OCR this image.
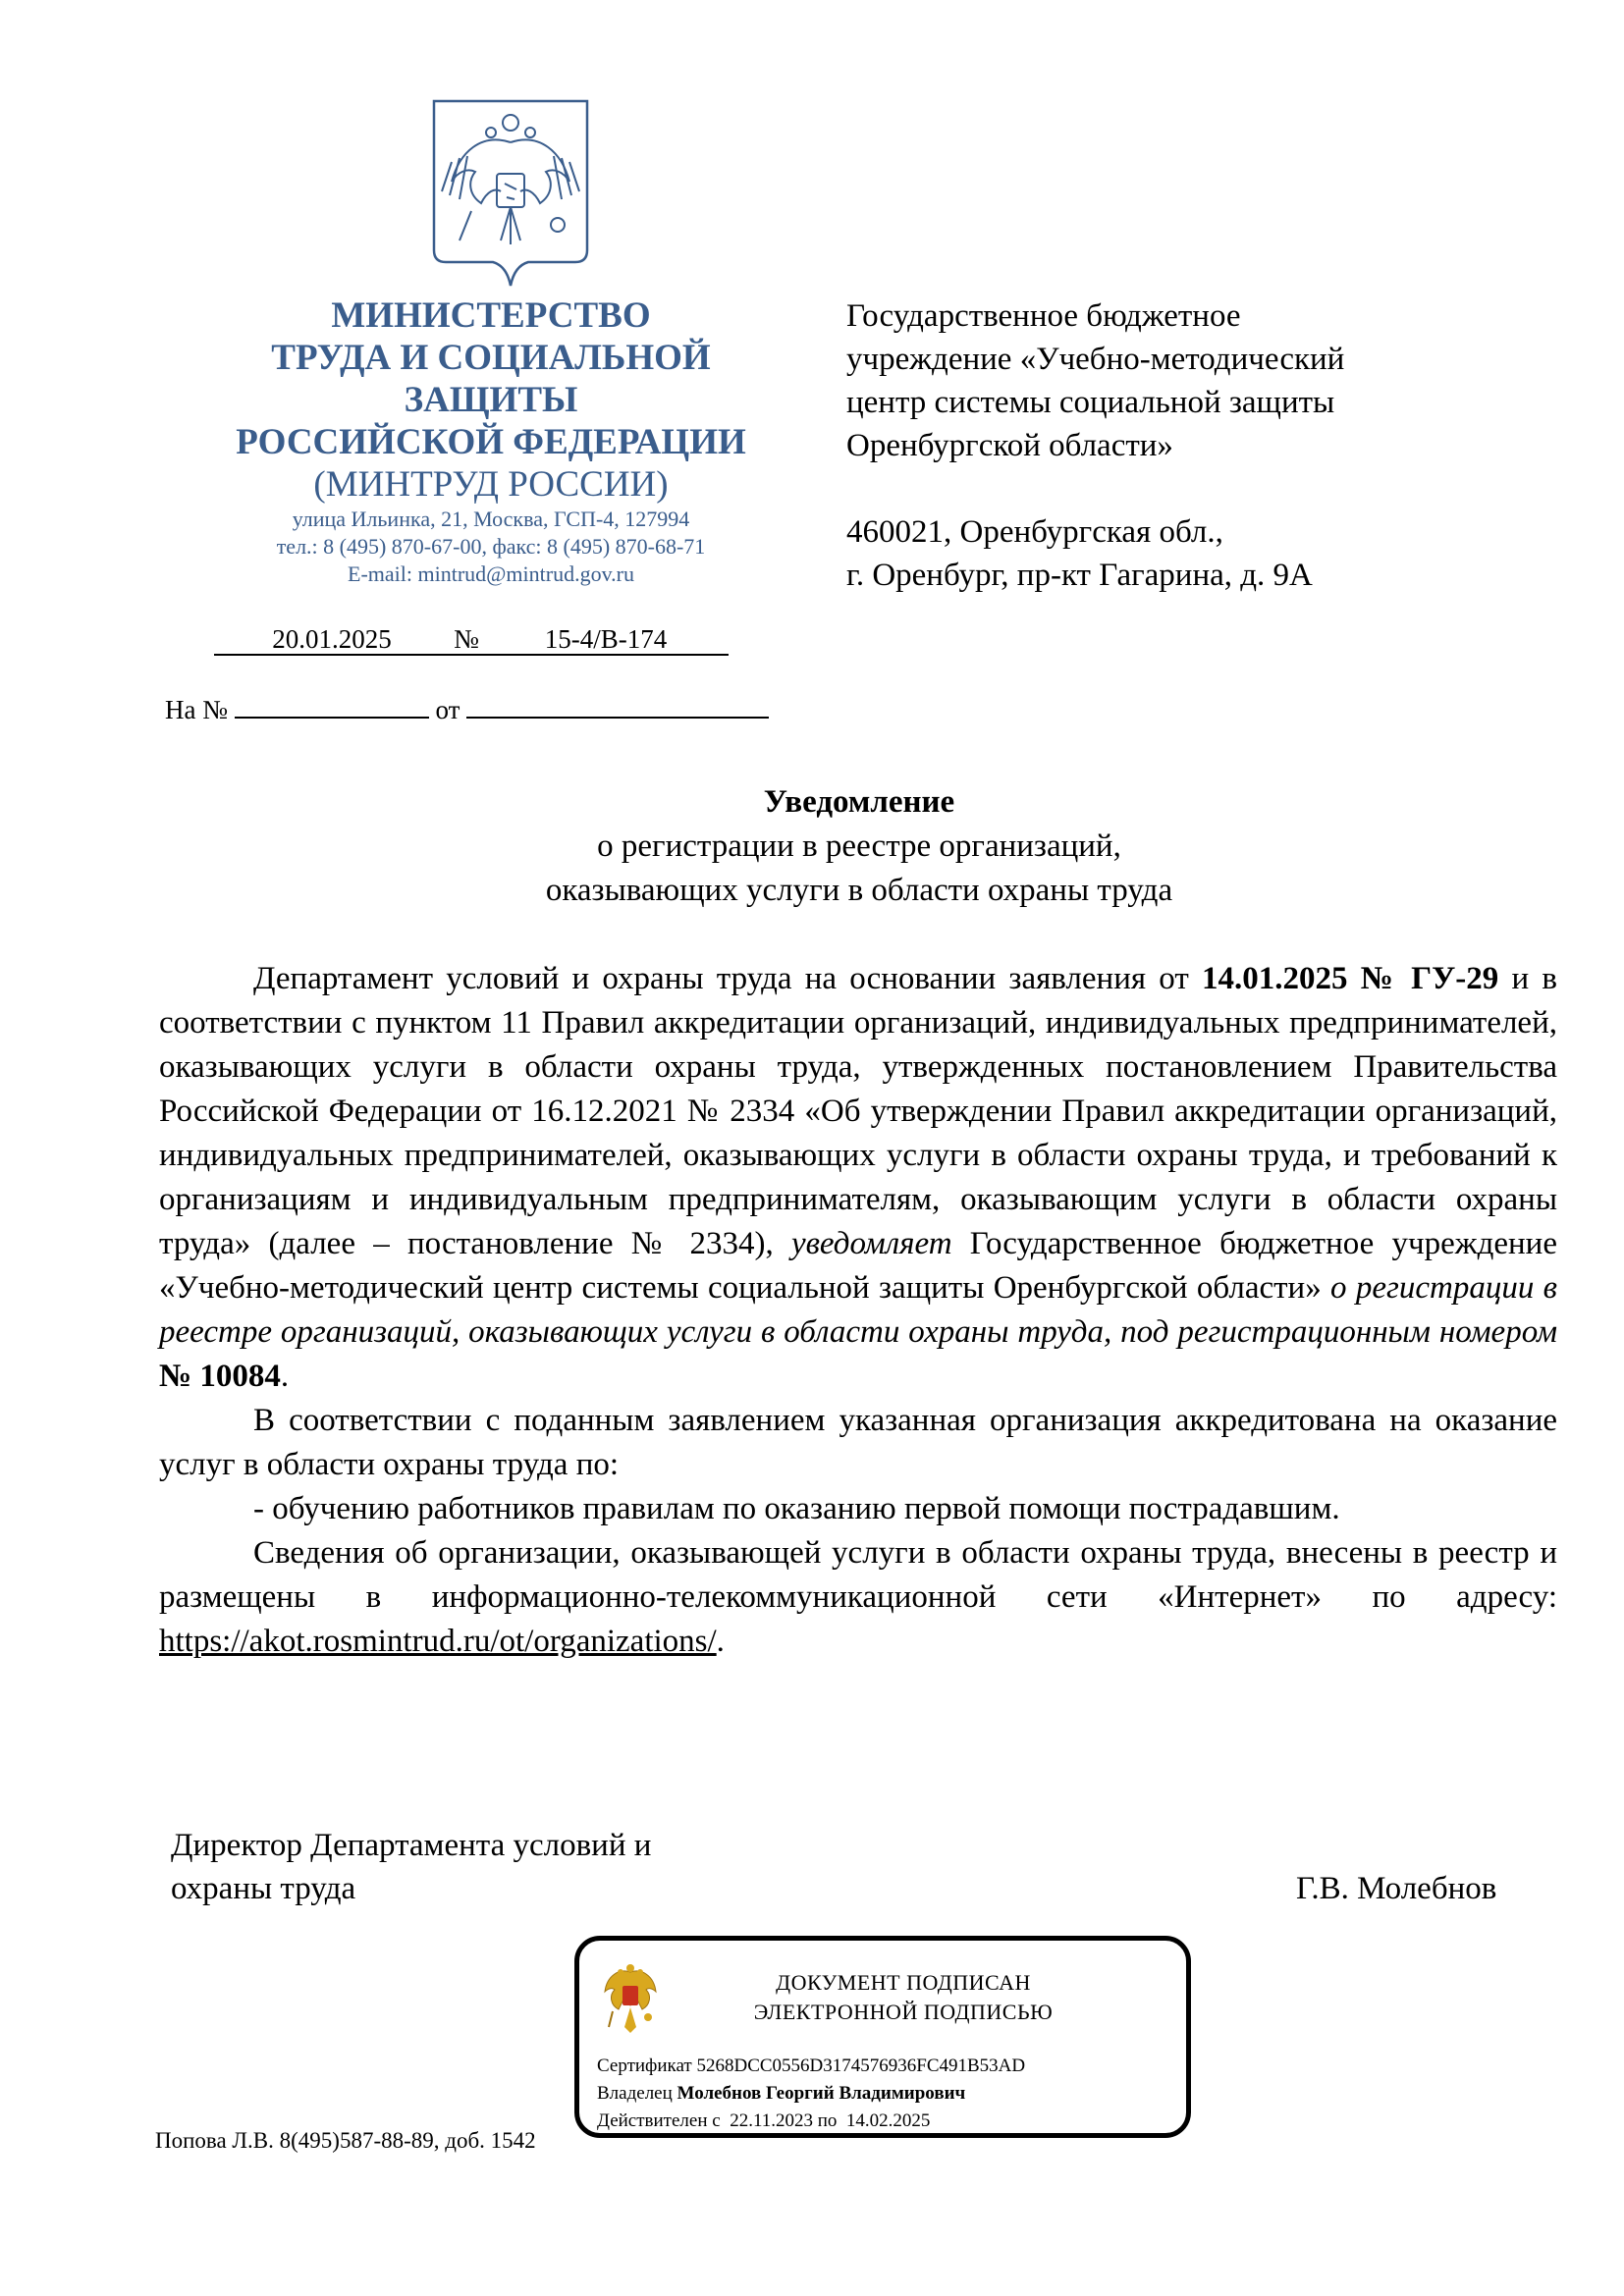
МИНИСТЕРСТВО
ТРУДА И СОЦИАЛЬНОЙ
ЗАЩИТЫ
РОССИЙСКОЙ ФЕДЕРАЦИИ
(МИНТРУД РОССИИ)
улица Ильинка, 21, Москва, ГСП-4, 127994
тел.: 8 (495) 870-67-00, факс: 8 (495) 870-68-71
E-mail: mintrud@mintrud.gov.ru
20.01.2025 № 15-4/В-174
На №	от
Государственное бюджетное
учреждение «Учебно-методический
центр системы социальной защиты
Оренбургской области»
460021, Оренбургская обл.,
г. Оренбург, пр-кт Гагарина, д. 9А
Уведомление
о регистрации в реестре организаций,
оказывающих услуги в области охраны труда

Департамент условий и охраны труда на основании заявления от 14.01.2025 № ГУ-29 и в соответствии с пунктом 11 Правил аккредитации организаций, индивидуальных предпринимателей, оказывающих услуги в области охраны труда, утвержденных постановлением Правительства Российской Федерации от 16.12.2021 № 2334 «Об утверждении Правил аккредитации организаций, индивидуальных предпринимателей, оказывающих услуги в области охраны труда, и требований к организациям и индивидуальным предпринимателям, оказывающим услуги в области охраны труда» (далее – постановление № 2334), уведомляет Государственное бюджетное учреждение «Учебно-методический центр системы социальной защиты Оренбургской области» о регистрации в реестре организаций, оказывающих услуги в области охраны труда, под регистрационным номером № 10084.

В соответствии с поданным заявлением указанная организация аккредитована на оказание услуг в области охраны труда по:

- обучению работников правилам по оказанию первой помощи пострадавшим.

Сведения об организации, оказывающей услуги в области охраны труда, внесены в реестр и размещены в информационно-телекоммуникационной сети «Интернет» по адресу: https://akot.rosmintrud.ru/ot/organizations/.

Директор Департамента условий и
охраны труда	Г.В. Молебнов
ДОКУМЕНТ ПОДПИСАН
ЭЛЕКТРОННОЙ ПОДПИСЬЮ
Сертификат 5268DCC0556D3174576936FC491B53AD
Владелец Молебнов Георгий Владимирович
Действителен с 22.11.2023 по 14.02.2025
Попова Л.В. 8(495)587-88-89, доб. 1542
